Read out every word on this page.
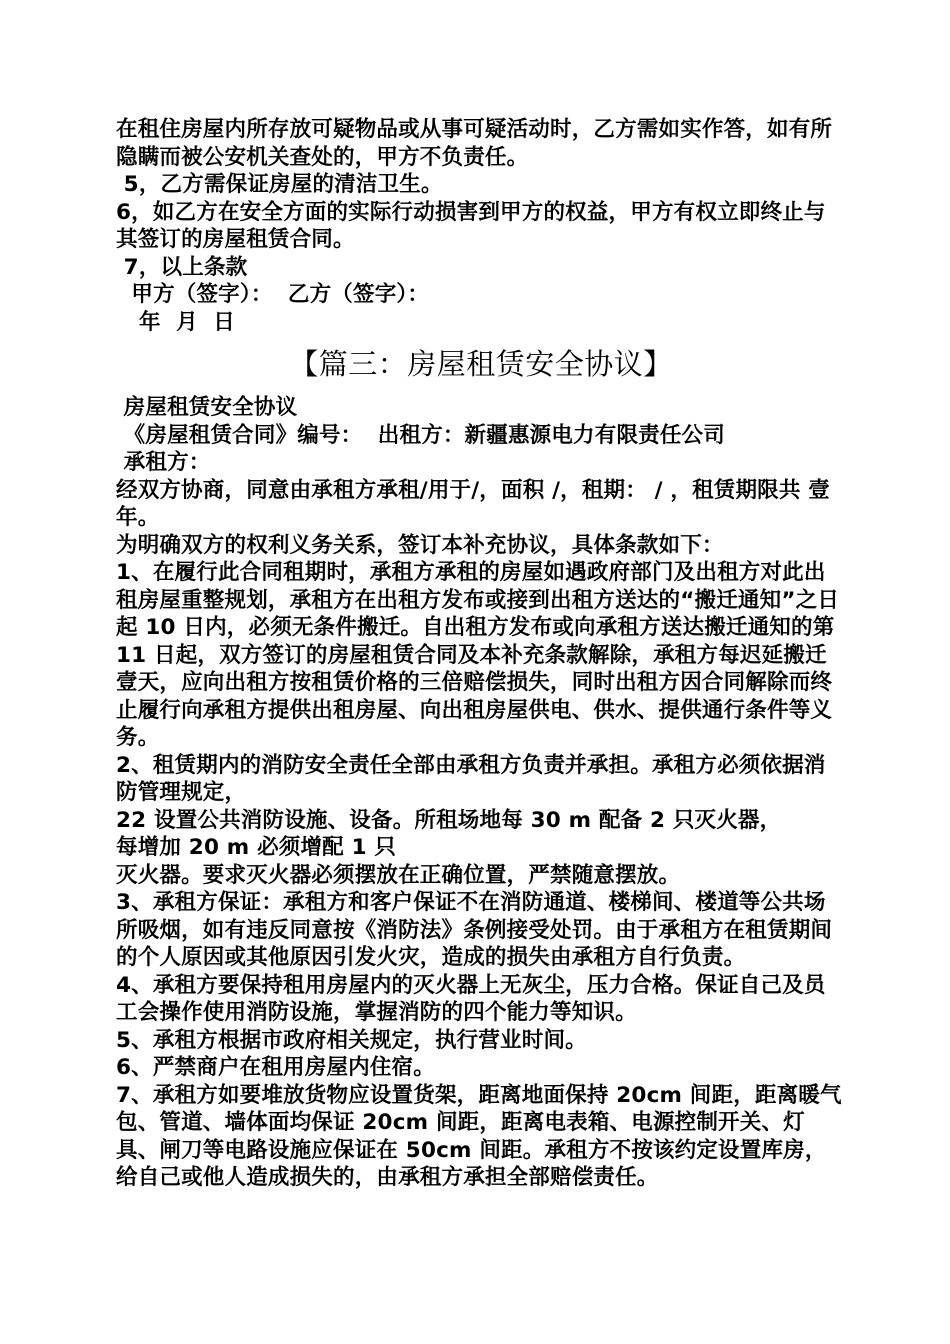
在租住房屋内所存放可疑物品或从事可疑活动时，乙方需如实作答，如有所隐瞒而被公安机关查处的，甲方不负责任。

5，乙方需保证房屋的清洁卫生。

6，如乙方在安全方面的实际行动损害到甲方的权益，甲方有权立即终止与其签订的房屋租赁合同。

7，以上条款

甲方（签字）：  乙方（签字）：

年  月  日

【篇三：房屋租赁安全协议】

房屋租赁安全协议

《房屋租赁合同》编号：  出租方：新疆惠源电力有限责任公司

承租方：

经双方协商，同意由承租方承租/用于/，面积 /，租期： / ，租赁期限共 壹 年。

为明确双方的权利义务关系，签订本补充协议，具体条款如下：

1、在履行此合同租期时，承租方承租的房屋如遇政府部门及出租方对此出租房屋重整规划，承租方在出租方发布或接到出租方送达的“搬迁通知”之日起 10 日内，必须无条件搬迁。自出租方发布或向承租方送达搬迁通知的第 11 日起，双方签订的房屋租赁合同及本补充条款解除，承租方每迟延搬迁壹天，应向出租方按租赁价格的三倍赔偿损失，同时出租方因合同解除而终止履行向承租方提供出租房屋、向出租房屋供电、供水、提供通行条件等义务。

2、租赁期内的消防安全责任全部由承租方负责并承担。承租方必须依据消防管理规定，

22 设置公共消防设施、设备。所租场地每 30 m 配备 2 只灭火器，

每增加 20 m 必须增配 1 只

灭火器。要求灭火器必须摆放在正确位置，严禁随意摆放。

3、承租方保证：承租方和客户保证不在消防通道、楼梯间、楼道等公共场所吸烟，如有违反同意按《消防法》条例接受处罚。由于承租方在租赁期间的个人原因或其他原因引发火灾，造成的损失由承租方自行负责。

4、承租方要保持租用房屋内的灭火器上无灰尘，压力合格。保证自己及员工会操作使用消防设施，掌握消防的四个能力等知识。

5、承租方根据市政府相关规定，执行营业时间。

6、严禁商户在租用房屋内住宿。

7、承租方如要堆放货物应设置货架，距离地面保持 20cm 间距，距离暖气包、管道、墙体面均保证 20cm 间距，距离电表箱、电源控制开关、灯具、闸刀等电路设施应保证在 50cm 间距。承租方不按该约定设置库房，给自己或他人造成损失的，由承租方承担全部赔偿责任。
